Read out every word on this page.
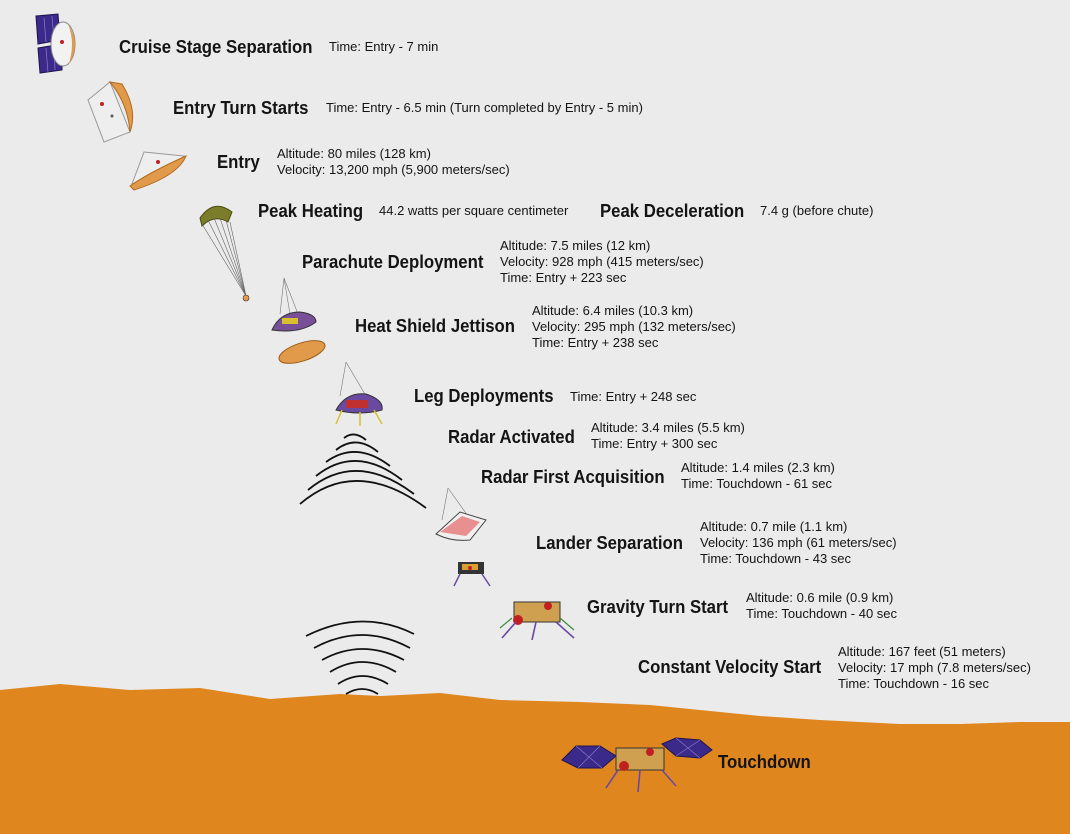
Cruise Stage Separation Time: Entry - 7 min
Entry Turn Starts Time: Entry - 6.5 min (Turn completed by Entry - 5 min)
Entry Altitude: 80 miles (128 km)
Velocity: 13,200 mph (5,900 meters/sec)
Peak Heating 44.2 watts per square centimeter Peak Deceleration 7.4 g (before chute)
Parachute Deployment
Altitude: 7.5 miles (12 km)
Velocity: 928 mph (415 meters/sec)
Time: Entry + 223 sec
Heat Shield Jettison
Altitude: 6.4 miles (10.3 km)
Velocity: 295 mph (132 meters/sec)
Time: Entry + 238 sec
Leg Deployments Time: Entry + 248 sec
Radar Activated Altitude: 3.4 miles (5.5 km)
Time: Entry + 300 sec
Radar First Acquisition Altitude: 1.4 miles (2.3 km)
Time: Touchdown - 61 sec
Lander Separation
Altitude: 0.7 mile (1.1 km)
Velocity: 136 mph (61 meters/sec)
Time: Touchdown - 43 sec
Gravity Turn Start Altitude: 0.6 mile (0.9 km)
Time: Touchdown - 40 sec
Constant Velocity Start
Altitude: 167 feet (51 meters)
Velocity: 17 mph (7.8 meters/sec)
Time: Touchdown - 16 sec
Touchdown
